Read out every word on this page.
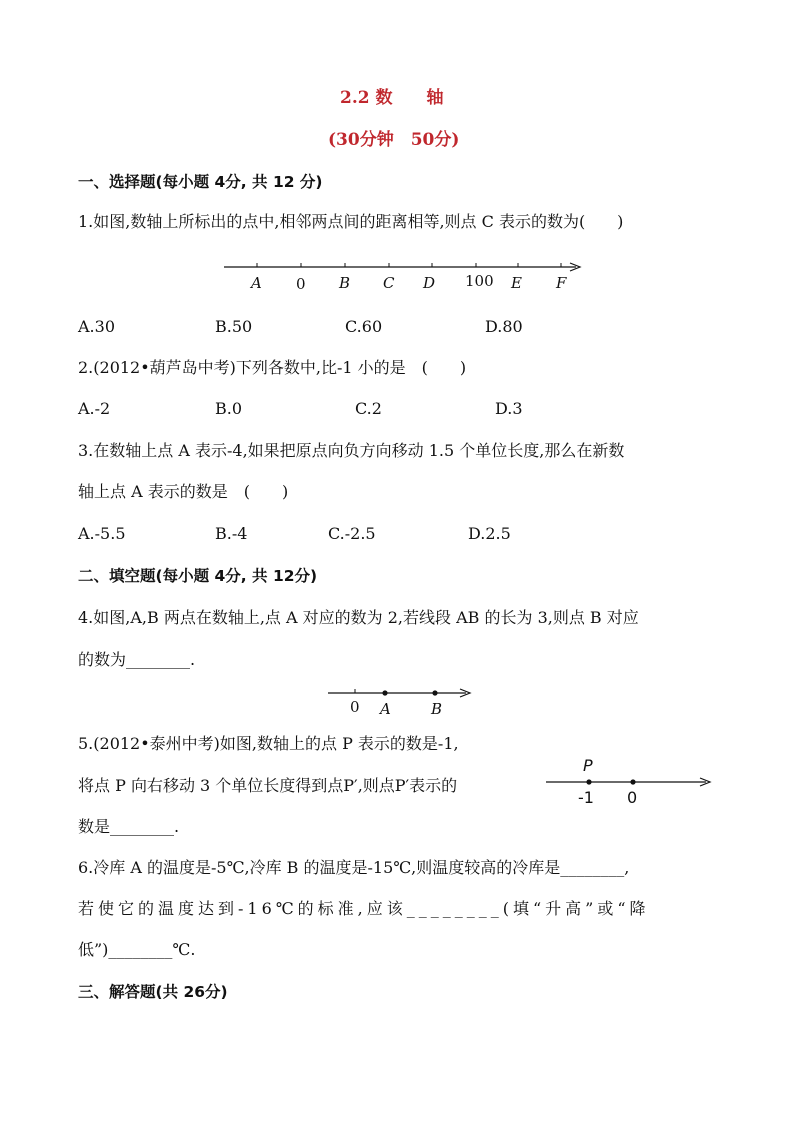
2.2 数　　轴
(30分钟　50分)
一、选择题(每小题 4分, 共 12 分)
1.如图,数轴上所标出的点中,相邻两点间的距离相等,则点 C 表示的数为(　　)
A 0 B C D 100 E F
A.30	B.50	C.60	D.80
2.(2012•葫芦岛中考)下列各数中,比-1 小的是　(　　)
A.-2	B.0	C.2	D.3
3.在数轴上点 A 表示-4,如果把原点向负方向移动 1.5 个单位长度,那么在新数
轴上点 A 表示的数是　(　　)
A.-5.5	B.-4	C.-2.5	D.2.5
二、填空题(每小题 4分, 共 12分)
4.如图,A,B 两点在数轴上,点 A 对应的数为 2,若线段 AB 的长为 3,则点 B 对应
的数为________.
0 A	B
5.(2012•泰州中考)如图,数轴上的点 P 表示的数是-1,
将点 P 向右移动 3 个单位长度得到点P′,则点P′表示的
数是________.
P
-1 0
6.冷库 A 的温度是-5℃,冷库 B 的温度是-15℃,则温度较高的冷库是________,
若使它的温度达到-16℃的标准,应该________(填“升高”或“降
低”)________℃.
三、解答题(共 26分)
